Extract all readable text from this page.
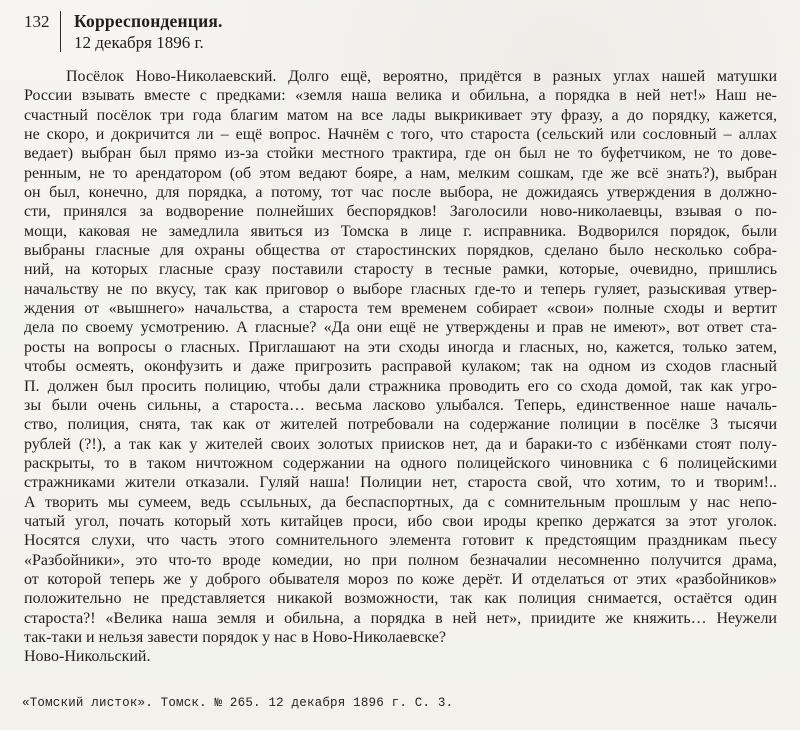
132 Корреспонденция.
12 декабря 1896 г.
Посёлок Ново-Николаевский. Долго ещё, вероятно, придётся в разных углах нашей матушки
России взывать вместе с предками: «земля наша велика и обильна, а порядка в ней нет!» Наш не-
счастный посёлок три года благим матом на все лады выкрикивает эту фразу, а до порядку, кажется,
не скоро, и докричится ли – ещё вопрос. Начнём с того, что староста (сельский или сословный – аллах
ведает) выбран был прямо из-за стойки местного трактира, где он был не то буфетчиком, не то дове-
ренным, не то арендатором (об этом ведают бояре, а нам, мелким сошкам, где же всё знать?), выбран
он был, конечно, для порядка, а потому, тот час после выбора, не дожидаясь утверждения в должно-
сти, принялся за водворение полнейших беспорядков! Заголосили ново-николаевцы, взывая о по-
мощи, каковая не замедлила явиться из Томска в лице г. исправника. Водворился порядок, были
выбраны гласные для охраны общества от старостинских порядков, сделано было несколько собра-
ний, на которых гласные сразу поставили старосту в тесные рамки, которые, очевидно, пришлись
начальству не по вкусу, так как приговор о выборе гласных где-то и теперь гуляет, разыскивая утвер-
ждения от «вышнего» начальства, а староста тем временем собирает «свои» полные сходы и вертит
дела по своему усмотрению. А гласные? «Да они ещё не утверждены и прав не имеют», вот ответ ста-
росты на вопросы о гласных. Приглашают на эти сходы иногда и гласных, но, кажется, только затем,
чтобы осмеять, оконфузить и даже пригрозить расправой кулаком; так на одном из сходов гласный
П. должен был просить полицию, чтобы дали стражника проводить его со схода домой, так как угро-
зы были очень сильны, а староста… весьма ласково улыбался. Теперь, единственное наше началь-
ство, полиция, снята, так как от жителей потребовали на содержание полиции в посёлке 3 тысячи
рублей (?!), а так как у жителей своих золотых приисков нет, да и бараки-то с избёнками стоят полу-
раскрыты, то в таком ничтожном содержании на одного полицейского чиновника с 6 полицейскими
стражниками жители отказали. Гуляй наша! Полиции нет, староста свой, что хотим, то и творим!..
А творить мы сумеем, ведь ссыльных, да беспаспортных, да с сомнительным прошлым у нас непо-
чатый угол, почать который хоть китайцев проси, ибо свои ироды крепко держатся за этот уголок.
Носятся слухи, что часть этого сомнительного элемента готовит к предстоящим праздникам пьесу
«Разбойники», это что-то вроде комедии, но при полном безначалии несомненно получится драма,
от которой теперь же у доброго обывателя мороз по коже дерёт. И отделаться от этих «разбойников»
положительно не представляется никакой возможности, так как полиция снимается, остаётся один
староста?! «Велика наша земля и обильна, а порядка в ней нет», приидите же княжить… Неужели
так-таки и нельзя завести порядок у нас в Ново-Николаевске?
Ново-Никольский.
«Томский листок». Томск. № 265. 12 декабря 1896 г. С. 3.
